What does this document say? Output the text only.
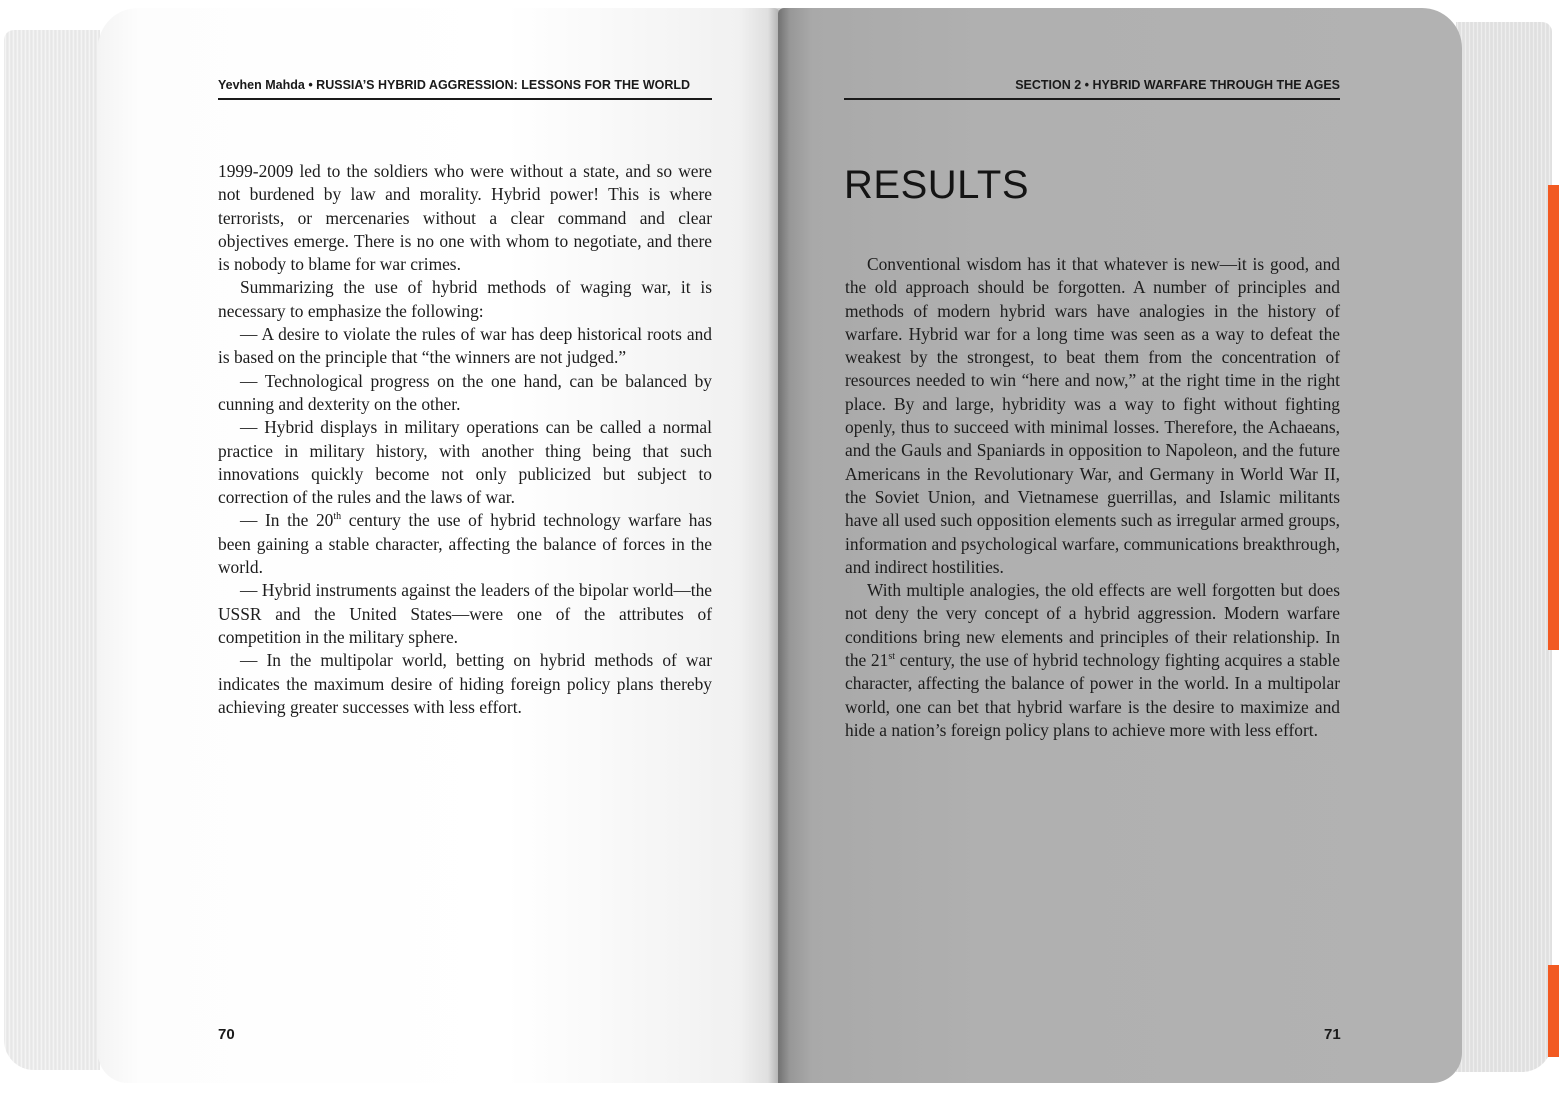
Yevhen Mahda • RUSSIA’S HYBRID AGGRESSION: LESSONS FOR THE WORLD

1999-2009 led to the soldiers who were without a state, and so were not burdened by law and morality. Hybrid power! This is where terrorists, or mercenaries without a clear command and clear objectives emerge. There is no one with whom to negotiate, and there is nobody to blame for war crimes.

Summarizing the use of hybrid methods of waging war, it is necessary to emphasize the following:

— A desire to violate the rules of war has deep historical roots and is based on the principle that “the winners are not judged.”

— Technological progress on the one hand, can be balanced by cunning and dexterity on the other.

— Hybrid displays in military operations can be called a normal practice in military history, with another thing being that such innovations quickly become not only publicized but subject to correction of the rules and the laws of war.

— In the 20th century the use of hybrid technology warfare has been gaining a stable character, affecting the balance of forces in the world.

— Hybrid instruments against the leaders of the bipolar world—the USSR and the United States—were one of the attributes of competition in the military sphere.

— In the multipolar world, betting on hybrid methods of war indicates the maximum desire of hiding foreign policy plans thereby achieving greater successes with less effort.

70
SECTION 2 • HYBRID WARFARE THROUGH THE AGES
RESULTS

Conventional wisdom has it that whatever is new—it is good, and the old approach should be forgotten. A number of principles and methods of modern hybrid wars have analogies in the history of warfare. Hybrid war for a long time was seen as a way to defeat the weakest by the strongest, to beat them from the concentration of resources needed to win “here and now,” at the right time in the right place. By and large, hybridity was a way to fight without fighting openly, thus to succeed with minimal losses. Therefore, the Achaeans, and the Gauls and Spaniards in opposition to Napoleon, and the future Americans in the Revolutionary War, and Germany in World War II, the Soviet Union, and Vietnamese guerrillas, and Islamic militants have all used such opposition elements such as irregular armed groups, information and psychological warfare, communications breakthrough, and indirect hostilities.

With multiple analogies, the old effects are well forgotten but does not deny the very concept of a hybrid aggression. Modern warfare conditions bring new elements and principles of their relationship. In the 21st century, the use of hybrid technology fighting acquires a stable character, affecting the balance of power in the world. In a multipolar world, one can bet that hybrid warfare is the desire to maximize and hide a nation’s foreign policy plans to achieve more with less effort.

71
